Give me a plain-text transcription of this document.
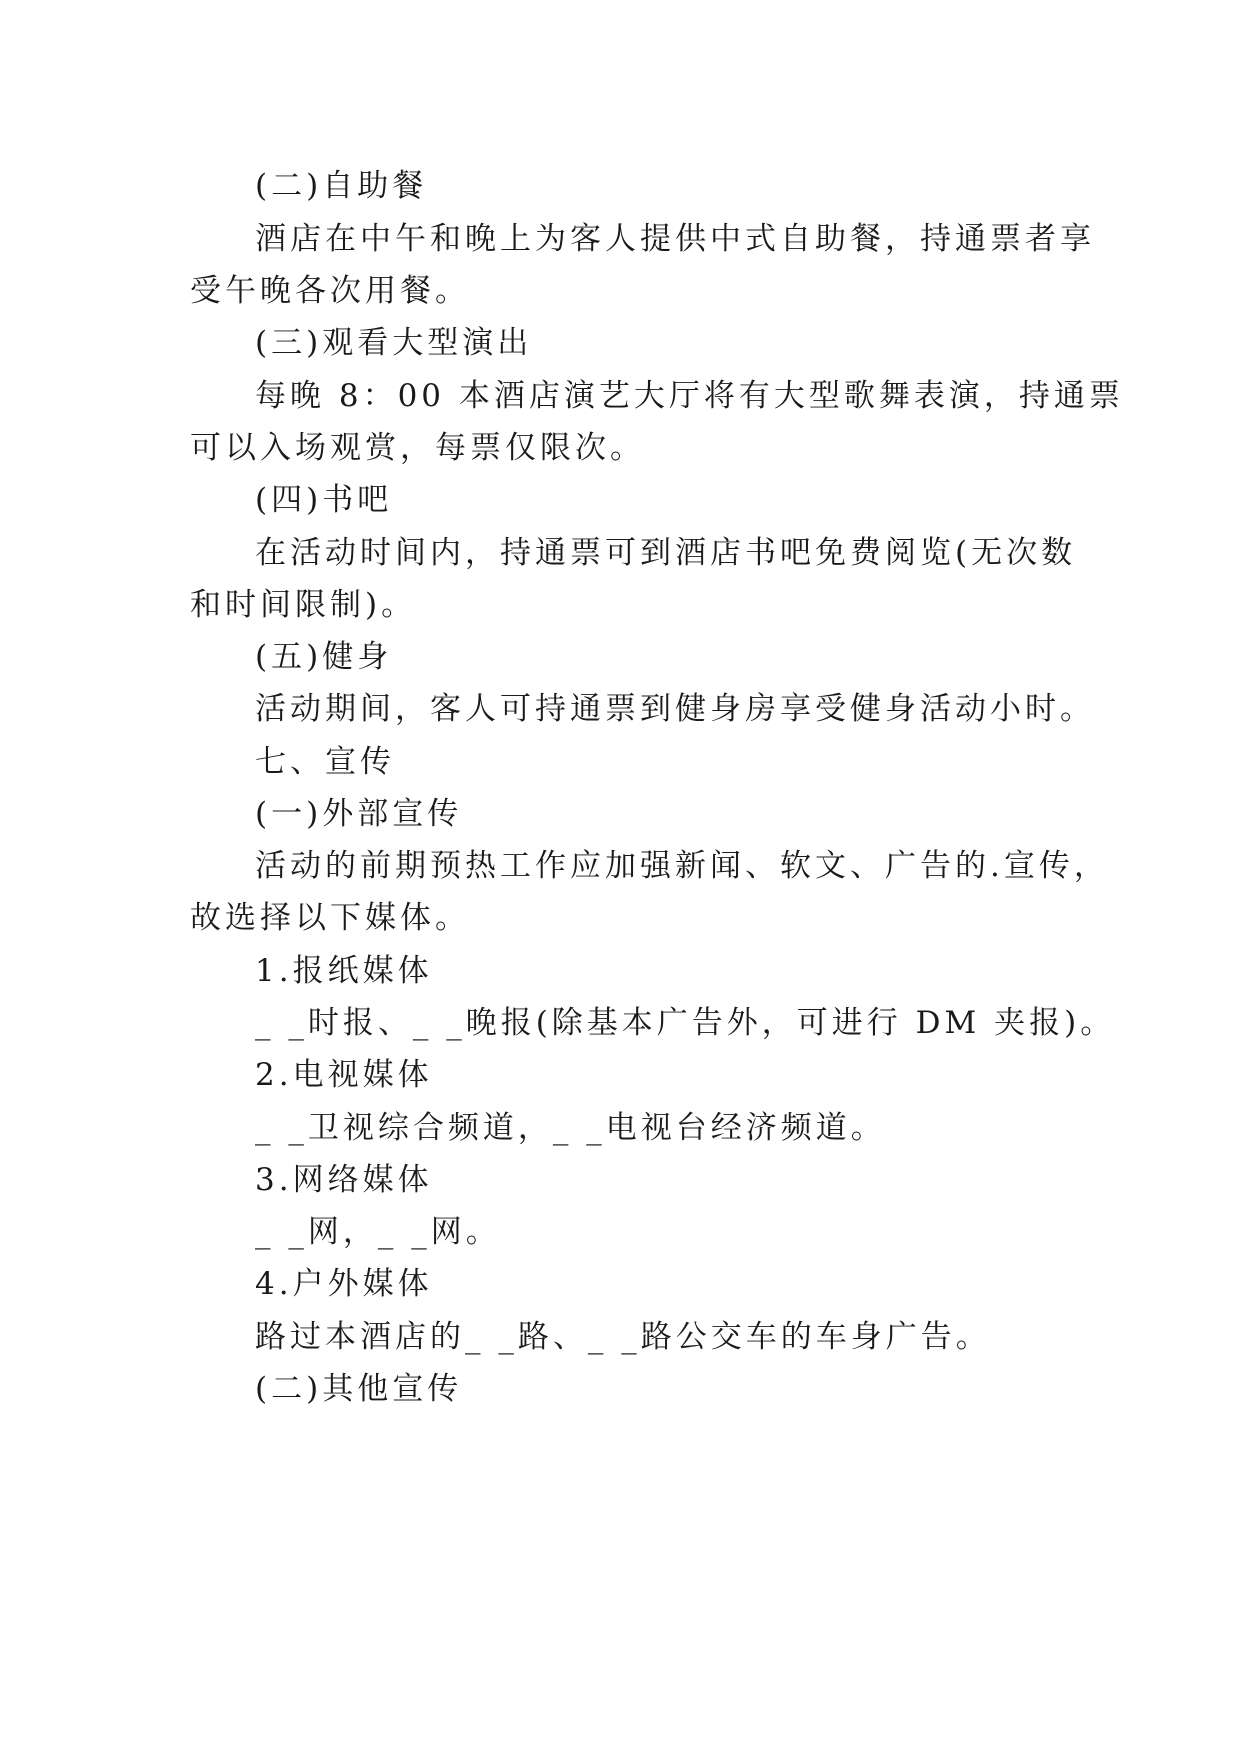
(二)自助餐
酒店在中午和晚上为客人提供中式自助餐，持通票者享
受午晚各次用餐。
(三)观看大型演出
每晚 8：00 本酒店演艺大厅将有大型歌舞表演，持通票
可以入场观赏，每票仅限次。
(四)书吧
在活动时间内，持通票可到酒店书吧免费阅览(无次数
和时间限制)。
(五)健身
活动期间，客人可持通票到健身房享受健身活动小时。
七、宣传
(一)外部宣传
活动的前期预热工作应加强新闻、软文、广告的.宣传，
故选择以下媒体。
1.报纸媒体
_ _时报、_ _晚报(除基本广告外，可进行 DM 夹报)。
2.电视媒体
_ _卫视综合频道，_ _电视台经济频道。
3.网络媒体
_ _网，_ _网。
4.户外媒体
路过本酒店的_ _路、_ _路公交车的车身广告。
(二)其他宣传
